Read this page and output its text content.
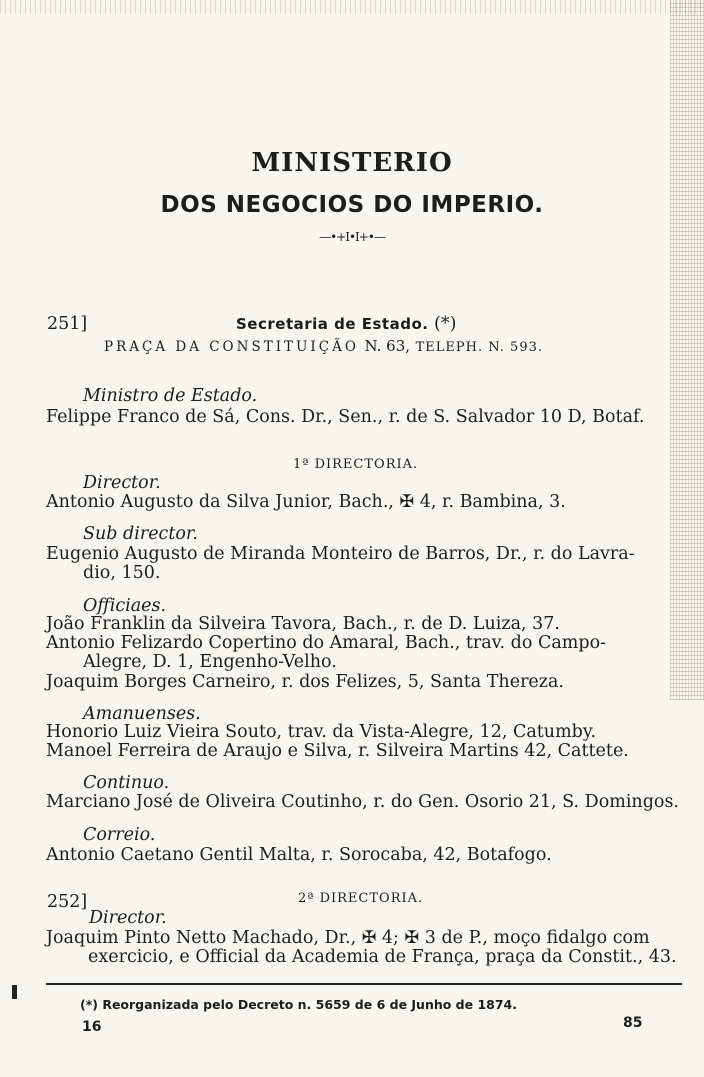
MINISTERIO
DOS NEGOCIOS DO IMPERIO.
—•+I•I+•—
251]	Secretaria de Estado. (*)
PRAÇA DA CONSTITUIÇÃO N. 63, TELEPH. N. 593.
Ministro de Estado.
Felippe Franco de Sá, Cons. Dr., Sen., r. de S. Salvador 10 D, Botaf.
1ª DIRECTORIA.
Director.
Antonio Augusto da Silva Junior, Bach., ✠ 4, r. Bambina, 3.
Sub director.
Eugenio Augusto de Miranda Monteiro de Barros, Dr., r. do Lavra-
dio, 150.
Officiaes.
João Franklin da Silveira Tavora, Bach., r. de D. Luiza, 37.
Antonio Felizardo Copertino do Amaral, Bach., trav. do Campo-
Alegre, D. 1, Engenho-Velho.
Joaquim Borges Carneiro, r. dos Felizes, 5, Santa Thereza.
Amanuenses.
Honorio Luiz Vieira Souto, trav. da Vista-Alegre, 12, Catumby.
Manoel Ferreira de Araujo e Silva, r. Silveira Martins 42, Cattete.
Continuo.
Marciano José de Oliveira Coutinho, r. do Gen. Osorio 21, S. Domingos.
Correio.
Antonio Caetano Gentil Malta, r. Sorocaba, 42, Botafogo.
252]	2ª DIRECTORIA.
Director.
Joaquim Pinto Netto Machado, Dr., ✠ 4; ✠ 3 de P., moço fidalgo com
exercicio, e Official da Academia de França, praça da Constit., 43.
(*) Reorganizada pelo Decreto n. 5659 de 6 de Junho de 1874.
16	85
